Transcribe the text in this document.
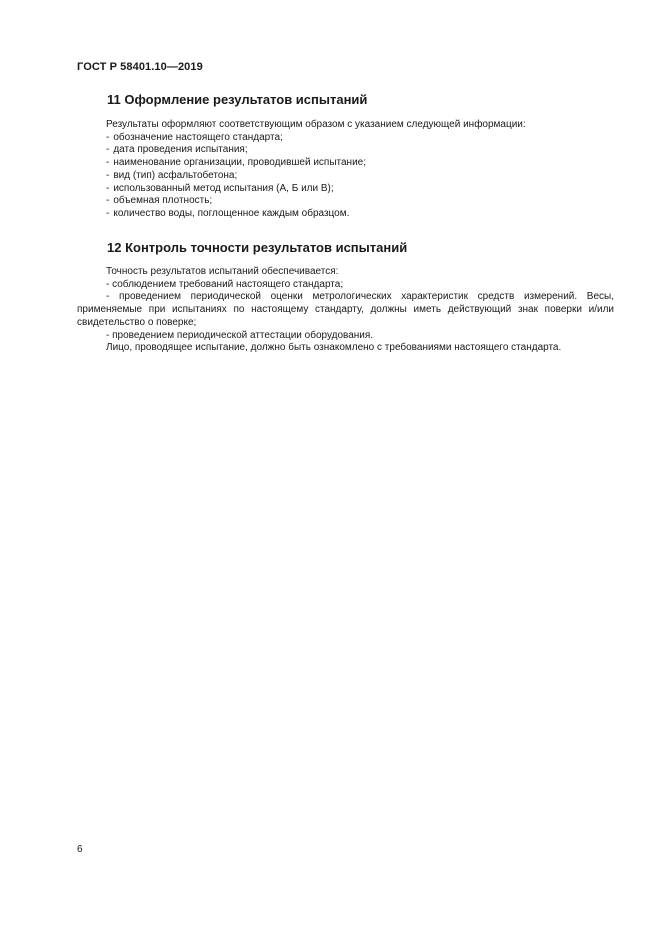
ГОСТ Р 58401.10—2019
11 Оформление результатов испытаний
Результаты оформляют соответствующим образом с указанием следующей информации:
- обозначение настоящего стандарта;
- дата проведения испытания;
- наименование организации, проводившей испытание;
- вид (тип) асфальтобетона;
- использованный метод испытания (А, Б или В);
- объемная плотность;
- количество воды, поглощенное каждым образцом.
12 Контроль точности результатов испытаний
Точность результатов испытаний обеспечивается:
- соблюдением требований настоящего стандарта;
- проведением периодической оценки метрологических характеристик средств измерений. Весы, применяемые при испытаниях по настоящему стандарту, должны иметь действующий знак поверки и/или свидетельство о поверке;
- проведением периодической аттестации оборудования.
Лицо, проводящее испытание, должно быть ознакомлено с требованиями настоящего стандарта.
6
